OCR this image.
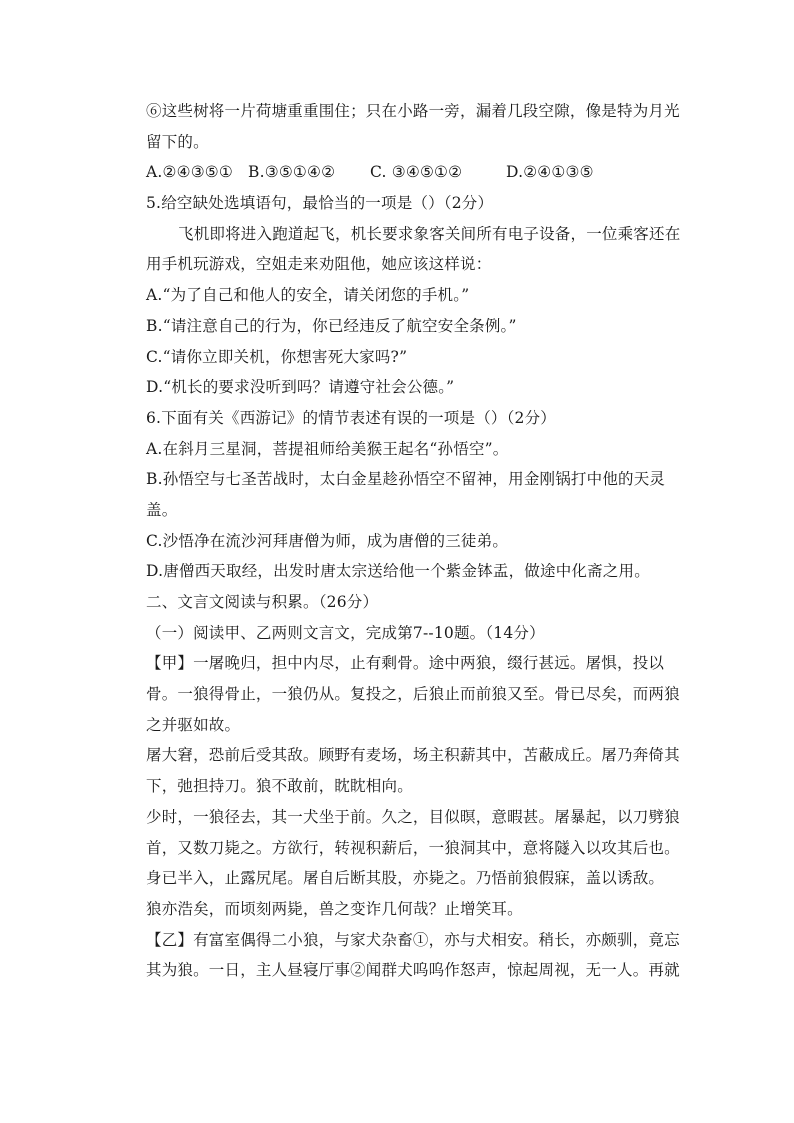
⑥这些树将一片荷塘重重围住；只在小路一旁，漏着几段空隙，像是特为月光
留下的。
A.②④③⑤① B.③⑤①④②	C. ③④⑤①②	D.②④①③⑤
5.给空缺处选填语句，最恰当的一项是（）（2分）
飞机即将进入跑道起飞，机长要求象客关间所有电子设备，一位乘客还在
用手机玩游戏，空姐走来劝阻他，她应该这样说：
A.“为了自己和他人的安全，请关闭您的手机。”
B.“请注意自己的行为，你已经违反了航空安全条例。”
C.“请你立即关机，你想害死大家吗?”
D.“机长的要求没听到吗？请遵守社会公德。”
6.下面有关《西游记》的情节表述有误的一项是（）（2分）
A.在斜月三星洞，菩提祖师给美猴王起名“孙悟空”。
B.孙悟空与七圣苦战时，太白金星趁孙悟空不留神，用金刚锅打中他的天灵
盖。
C.沙悟净在流沙河拜唐僧为师，成为唐僧的三徒弟。
D.唐僧西天取经，出发时唐太宗送给他一个紫金钵盂，做途中化斋之用。
二、文言文阅读与积累。（26分）
（一）阅读甲、乙两则文言文，完成第7--10题。（14分）
【甲】一屠晚归，担中内尽，止有剩骨。途中两狼，缀行甚远。屠惧，投以
骨。一狼得骨止，一狼仍从。复投之，后狼止而前狼又至。骨已尽矣，而两狼
之并驱如故。
屠大窘，恐前后受其敌。顾野有麦场，场主积薪其中，苫蔽成丘。屠乃奔倚其
下，弛担持刀。狼不敢前，眈眈相向。
少时，一狼径去，其一犬坐于前。久之，目似暝，意暇甚。屠暴起，以刀劈狼
首，又数刀毙之。方欲行，转视积薪后，一狼洞其中，意将隧入以攻其后也。
身已半入，止露尻尾。屠自后断其股，亦毙之。乃悟前狼假寐，盖以诱敌。
狼亦浩矣，而顷刻两毙，兽之变诈几何哉？止增笑耳。
【乙】有富室偶得二小狼，与家犬杂畜①，亦与犬相安。稍长，亦颇驯，竟忘
其为狼。一日，主人昼寝厅事②闻群犬呜呜作怒声，惊起周视，无一人。再就
